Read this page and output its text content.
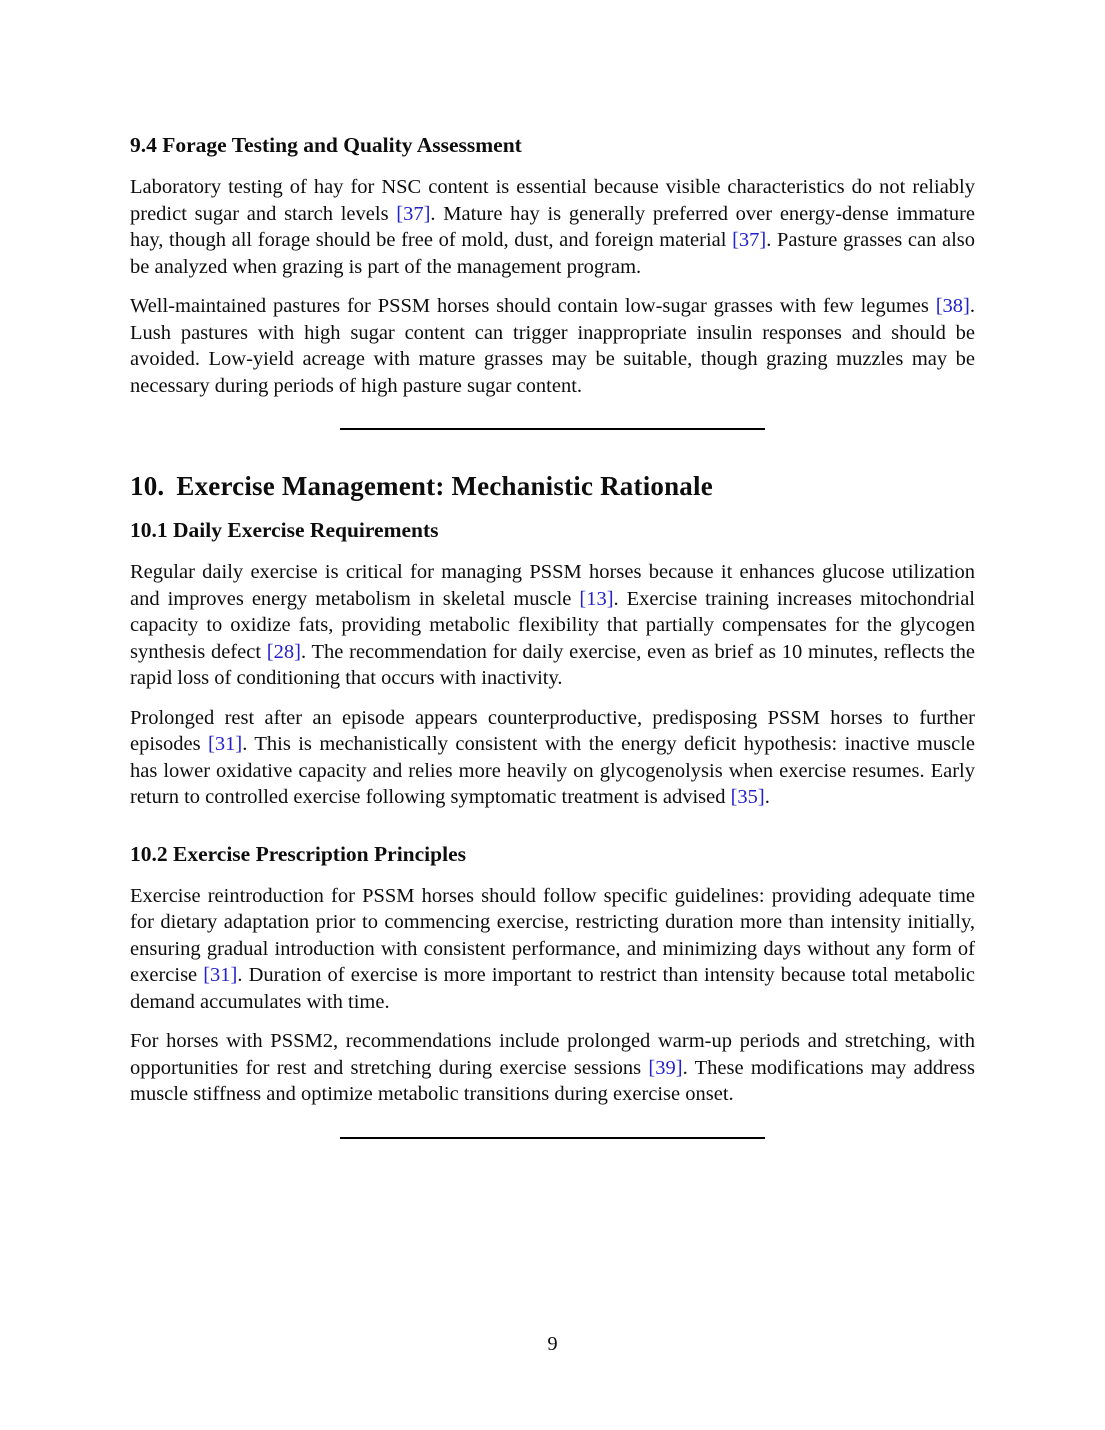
9.4 Forage Testing and Quality Assessment

Laboratory testing of hay for NSC content is essential because visible characteristics do not reliably predict sugar and starch levels [37]. Mature hay is generally preferred over energy-dense immature hay, though all forage should be free of mold, dust, and foreign material [37]. Pasture grasses can also be analyzed when grazing is part of the management program.

Well-maintained pastures for PSSM horses should contain low-sugar grasses with few legumes [38]. Lush pastures with high sugar content can trigger inappropriate insulin responses and should be avoided. Low-yield acreage with mature grasses may be suitable, though grazing muzzles may be necessary during periods of high pasture sugar content.

10. Exercise Management: Mechanistic Rationale
10.1 Daily Exercise Requirements

Regular daily exercise is critical for managing PSSM horses because it enhances glucose utilization and improves energy metabolism in skeletal muscle [13]. Exercise training increases mitochondrial capacity to oxidize fats, providing metabolic flexibility that partially compensates for the glycogen synthesis defect [28]. The recommendation for daily exercise, even as brief as 10 minutes, reflects the rapid loss of conditioning that occurs with inactivity.

Prolonged rest after an episode appears counterproductive, predisposing PSSM horses to further episodes [31]. This is mechanistically consistent with the energy deficit hypothesis: inactive muscle has lower oxidative capacity and relies more heavily on glycogenolysis when exercise resumes. Early return to controlled exercise following symptomatic treatment is advised [35].

10.2 Exercise Prescription Principles

Exercise reintroduction for PSSM horses should follow specific guidelines: providing adequate time for dietary adaptation prior to commencing exercise, restricting duration more than intensity initially, ensuring gradual introduction with consistent performance, and minimizing days without any form of exercise [31]. Duration of exercise is more important to restrict than intensity because total metabolic demand accumulates with time.

For horses with PSSM2, recommendations include prolonged warm-up periods and stretching, with opportunities for rest and stretching during exercise sessions [39]. These modifications may address muscle stiffness and optimize metabolic transitions during exercise onset.

9
